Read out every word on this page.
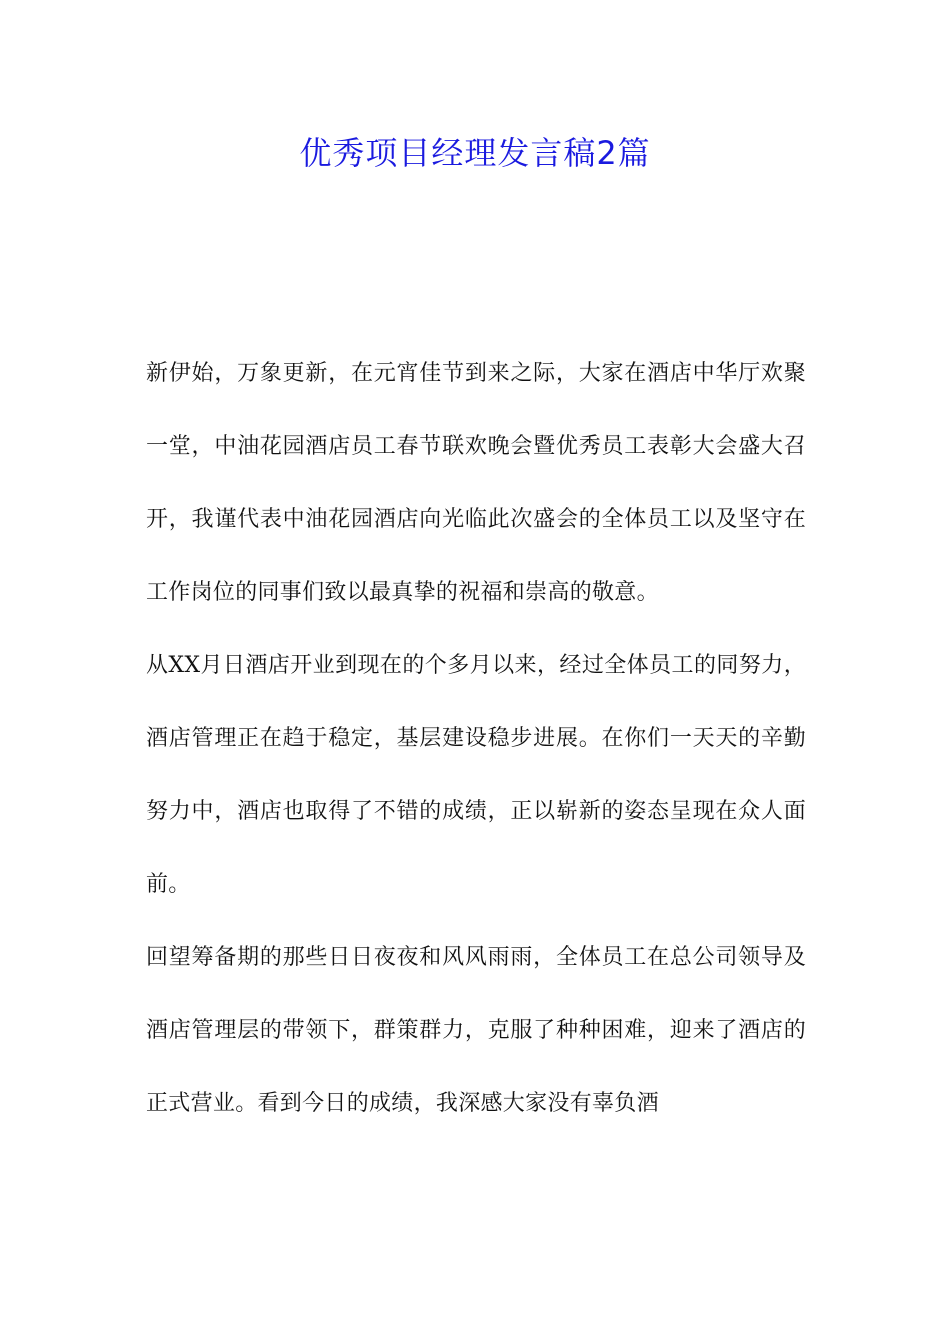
优秀项目经理发言稿2篇

新伊始，万象更新，在元宵佳节到来之际，大家在酒店中华厅欢聚一堂，中油花园酒店员工春节联欢晚会暨优秀员工表彰大会盛大召开，我谨代表中油花园酒店向光临此次盛会的全体员工以及坚守在工作岗位的同事们致以最真挚的祝福和崇高的敬意。

从XX月日酒店开业到现在的个多月以来，经过全体员工的同努力，酒店管理正在趋于稳定，基层建设稳步进展。在你们一天天的辛勤努力中，酒店也取得了不错的成绩，正以崭新的姿态呈现在众人面前。

回望筹备期的那些日日夜夜和风风雨雨，全体员工在总公司领导及酒店管理层的带领下，群策群力，克服了种种困难，迎来了酒店的正式营业。看到今日的成绩，我深感大家没有辜负酒
